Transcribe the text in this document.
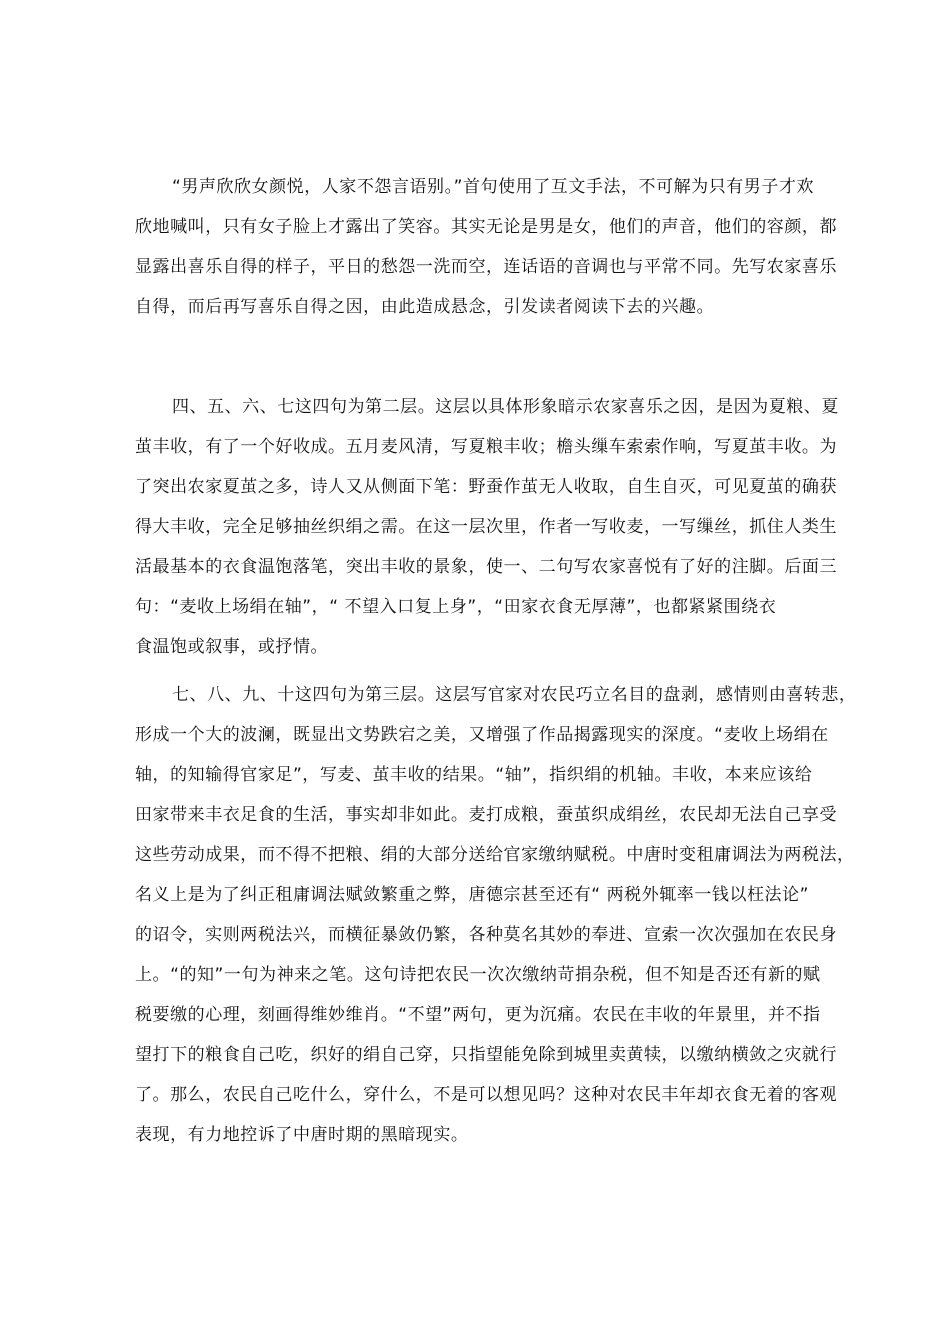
“男声欣欣女颜悦，人家不怨言语别。”首句使用了互文手法，不可解为只有男子才欢
欣地喊叫，只有女子脸上才露出了笑容。其实无论是男是女，他们的声音，他们的容颜，都
显露出喜乐自得的样子，平日的愁怨一洗而空，连话语的音调也与平常不同。先写农家喜乐
自得，而后再写喜乐自得之因，由此造成悬念，引发读者阅读下去的兴趣。
四、五、六、七这四句为第二层。这层以具体形象暗示农家喜乐之因，是因为夏粮、夏
茧丰收，有了一个好收成。五月麦风清，写夏粮丰收；檐头缫车索索作响，写夏茧丰收。为
了突出农家夏茧之多，诗人又从侧面下笔：野蚕作茧无人收取，自生自灭，可见夏茧的确获
得大丰收，完全足够抽丝织绢之需。在这一层次里，作者一写收麦，一写缫丝，抓住人类生
活最基本的衣食温饱落笔，突出丰收的景象，使一、二句写农家喜悦有了好的注脚。后面三
句：“麦收上场绢在轴”，“ 不望入口复上身”，“田家衣食无厚薄”，也都紧紧围绕衣
食温饱或叙事，或抒情。
七、八、九、十这四句为第三层。这层写官家对农民巧立名目的盘剥，感情则由喜转悲，
形成一个大的波澜，既显出文势跌宕之美，又增强了作品揭露现实的深度。“麦收上场绢在
轴，的知输得官家足”，写麦、茧丰收的结果。“轴”，指织绢的机轴。丰收，本来应该给
田家带来丰衣足食的生活，事实却非如此。麦打成粮，蚕茧织成绢丝，农民却无法自己享受
这些劳动成果，而不得不把粮、绢的大部分送给官家缴纳赋税。中唐时变租庸调法为两税法，
名义上是为了纠正租庸调法赋敛繁重之弊，唐德宗甚至还有“ 两税外辄率一钱以枉法论”
的诏令，实则两税法兴，而横征暴敛仍繁，各种莫名其妙的奉进、宣索一次次强加在农民身
上。“的知”一句为神来之笔。这句诗把农民一次次缴纳苛捐杂税，但不知是否还有新的赋
税要缴的心理，刻画得维妙维肖。“不望”两句，更为沉痛。农民在丰收的年景里，并不指
望打下的粮食自己吃，织好的绢自己穿，只指望能免除到城里卖黄犊，以缴纳横敛之灾就行
了。那么，农民自己吃什么，穿什么，不是可以想见吗？这种对农民丰年却衣食无着的客观
表现，有力地控诉了中唐时期的黑暗现实。
